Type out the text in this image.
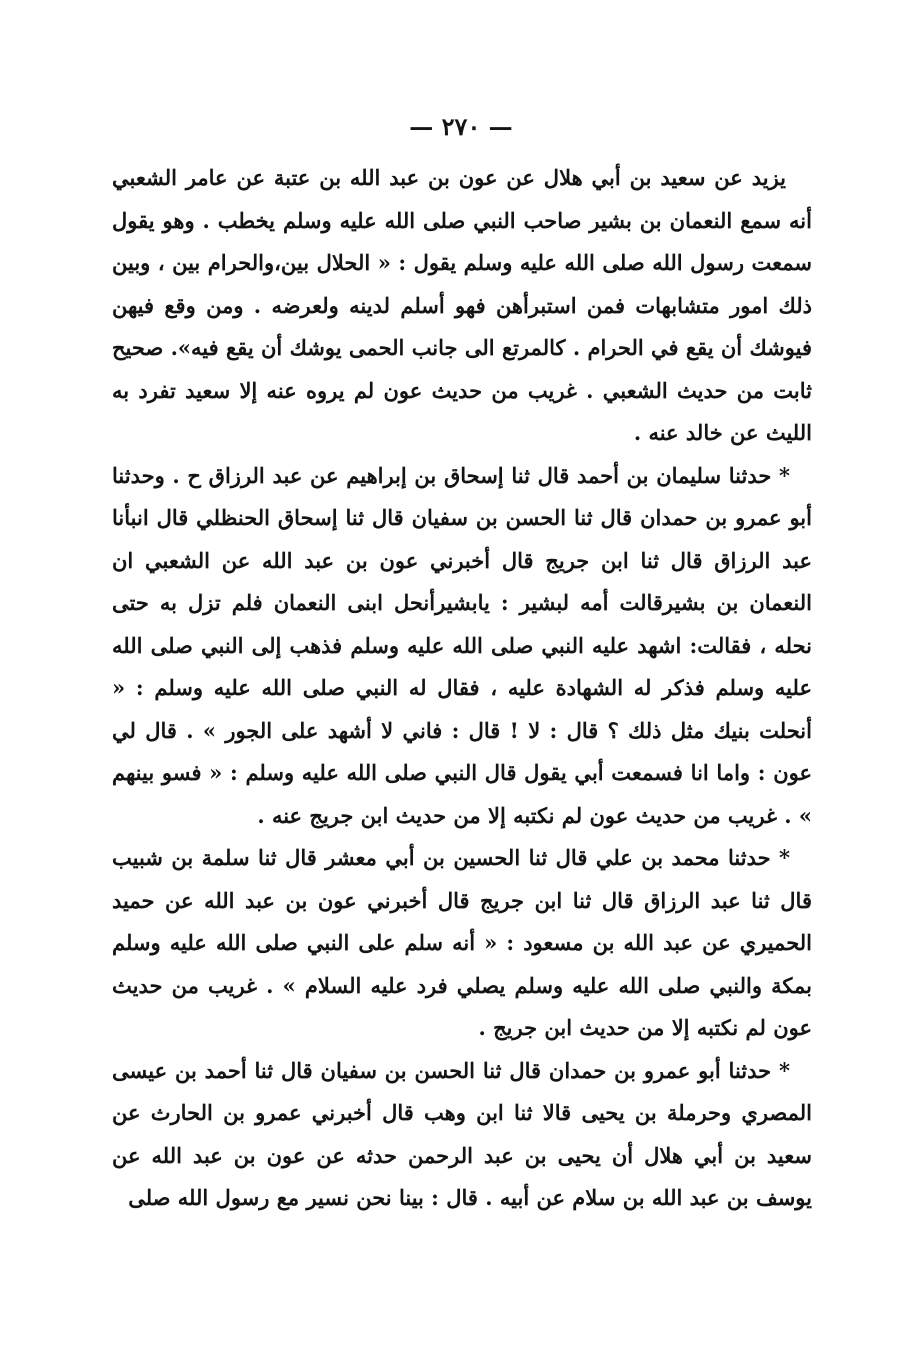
— ٢٧٠ —

يزيد عن سعيد بن أبي هلال عن عون بن عبد الله بن عتبة عن عامر الشعبي أنه سمع النعمان بن بشير صاحب النبي صلى الله عليه وسلم يخطب . وهو يقول سمعت رسول الله صلى الله عليه وسلم يقول : « الحلال بين،والحرام بين ، وبين ذلك امور متشابهات فمن استبرأهن فهو أسلم لدينه ولعرضه . ومن وقع فيهن فيوشك أن يقع في الحرام . كالمرتع الى جانب الحمى يوشك أن يقع فيه». صحيح ثابت من حديث الشعبي . غريب من حديث عون لم يروه عنه إلا سعيد تفرد به الليث عن خالد عنه .

* حدثنا سليمان بن أحمد قال ثنا إسحاق بن إبراهيم عن عبد الرزاق ح . وحدثنا أبو عمرو بن حمدان قال ثنا الحسن بن سفيان قال ثنا إسحاق الحنظلي قال انبأنا عبد الرزاق قال ثنا ابن جريج قال أخبرني عون بن عبد الله عن الشعبي ان النعمان بن بشيرقالت أمه لبشير : يابشيرأنحل ابنى النعمان فلم تزل به حتى نحله ، فقالت: اشهد عليه النبي صلى الله عليه وسلم فذهب إلى النبي صلى الله عليه وسلم فذكر له الشهادة عليه ، فقال له النبي صلى الله عليه وسلم : « أنحلت بنيك مثل ذلك ؟ قال : لا ! قال : فاني لا أشهد على الجور » . قال لي عون : واما انا فسمعت أبي يقول قال النبي صلى الله عليه وسلم : « فسو بينهم » . غريب من حديث عون لم نكتبه إلا من حديث ابن جريج عنه .

* حدثنا محمد بن علي قال ثنا الحسين بن أبي معشر قال ثنا سلمة بن شبيب قال ثنا عبد الرزاق قال ثنا ابن جريج قال أخبرني عون بن عبد الله عن حميد الحميري عن عبد الله بن مسعود : « أنه سلم على النبي صلى الله عليه وسلم بمكة والنبي صلى الله عليه وسلم يصلي فرد عليه السلام » . غريب من حديث عون لم نكتبه إلا من حديث ابن جريج .

* حدثنا أبو عمرو بن حمدان قال ثنا الحسن بن سفيان قال ثنا أحمد بن عيسى المصري وحرملة بن يحيى قالا ثنا ابن وهب قال أخبرني عمرو بن الحارث عن سعيد بن أبي هلال أن يحيى بن عبد الرحمن حدثه عن عون بن عبد الله عن يوسف بن عبد الله بن سلام عن أبيه . قال : بينا نحن نسير مع رسول الله صلى
